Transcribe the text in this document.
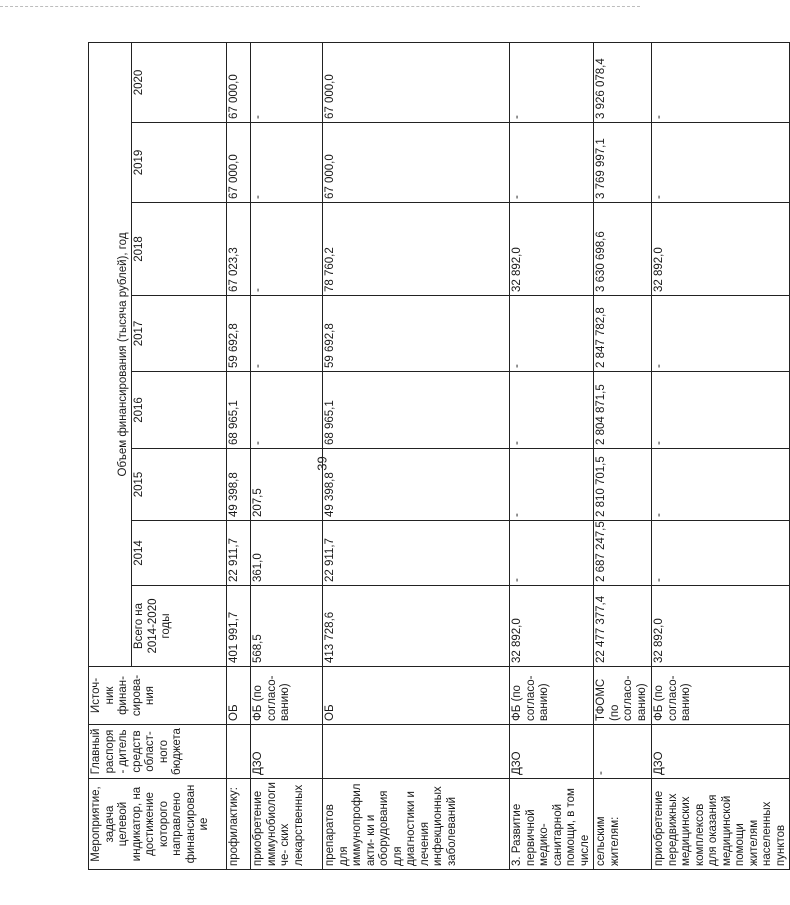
39
Мероприятие, задача целевой индикатор, на достижение которого направлено финансирование	Главный распоря- дитель средств област- ного бюджета	Источ- ник финан- сирова- ния	Объем финансирования (тысяча рублей), год							
			Всего на 2014-2020 годы	2014	2015	2016	2017	2018	2019	2020
профилактику:		ОБ	401 991,7	22 911,7	49 398,8	68 965,1	59 692,8	67 023,3	67 000,0	67 000,0
приобретение иммунобиологиче- ских лекарственных	ДЗО	ФБ (по согласо- ванию)	568,5	361,0	207,5	-	-	-	-	-
препаратов для иммунопрофилакти- ки и оборудования для диагностики и лечения инфекционных заболеваний		ОБ	413 728,6	22 911,7	49 398,8	68 965,1	59 692,8	78 760,2	67 000,0	67 000,0
3. Развитие первичной медико- санитарной помощи, в том числе	ДЗО	ФБ (по согласо- ванию)	32 892,0	-	-	-	-	32 892,0	-	-
сельским жителям:	-	ТФОМС (по согласо- ванию)	22 477 377,4	2 687 247,5	2 810 701,5	2 804 871,5	2 847 782,8	3 630 698,6	3 769 997,1	3 926 078,4
приобретение передвижных медицинских комплексов для оказания медицинской помощи жителям населенных пунктов	ДЗО	ФБ (по согласо- ванию)	32 892,0	-	-	-	-	32 892,0	-	-
